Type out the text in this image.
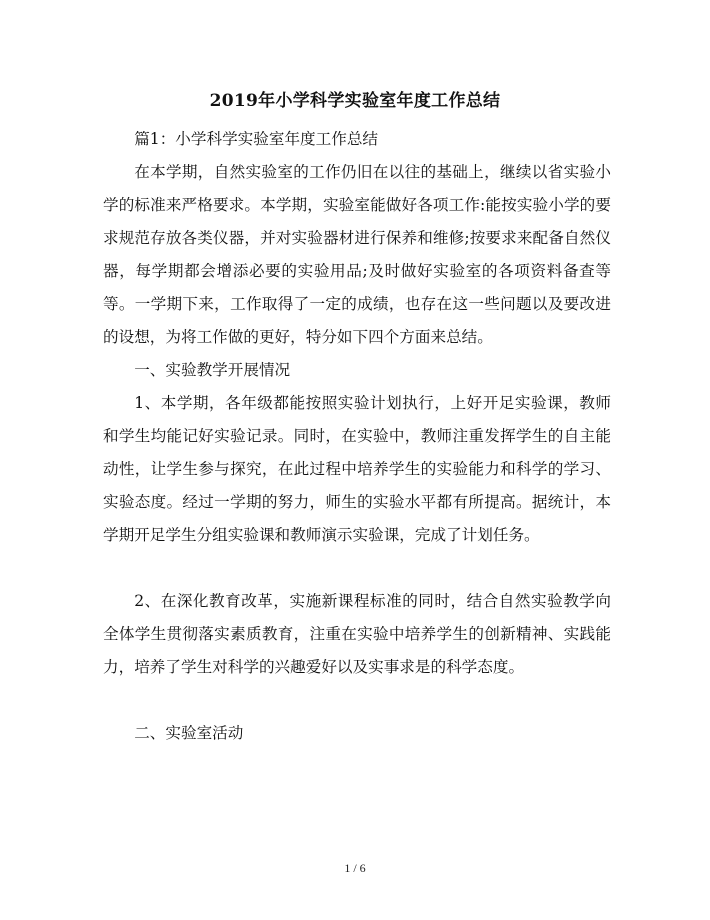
2019年小学科学实验室年度工作总结

篇1：小学科学实验室年度工作总结

在本学期，自然实验室的工作仍旧在以往的基础上，继续以省实验小学的标准来严格要求。本学期，实验室能做好各项工作:能按实验小学的要求规范存放各类仪器，并对实验器材进行保养和维修;按要求来配备自然仪器，每学期都会增添必要的实验用品;及时做好实验室的各项资料备查等等。一学期下来，工作取得了一定的成绩，也存在这一些问题以及要改进的设想，为将工作做的更好，特分如下四个方面来总结。

一、实验教学开展情况

1、本学期，各年级都能按照实验计划执行，上好开足实验课，教师和学生均能记好实验记录。同时，在实验中，教师注重发挥学生的自主能动性，让学生参与探究，在此过程中培养学生的实验能力和科学的学习、实验态度。经过一学期的努力，师生的实验水平都有所提高。据统计，本学期开足学生分组实验课和教师演示实验课，完成了计划任务。

2、在深化教育改革，实施新课程标准的同时，结合自然实验教学向全体学生贯彻落实素质教育，注重在实验中培养学生的创新精神、实践能力，培养了学生对科学的兴趣爱好以及实事求是的科学态度。

二、实验室活动

1 / 6
